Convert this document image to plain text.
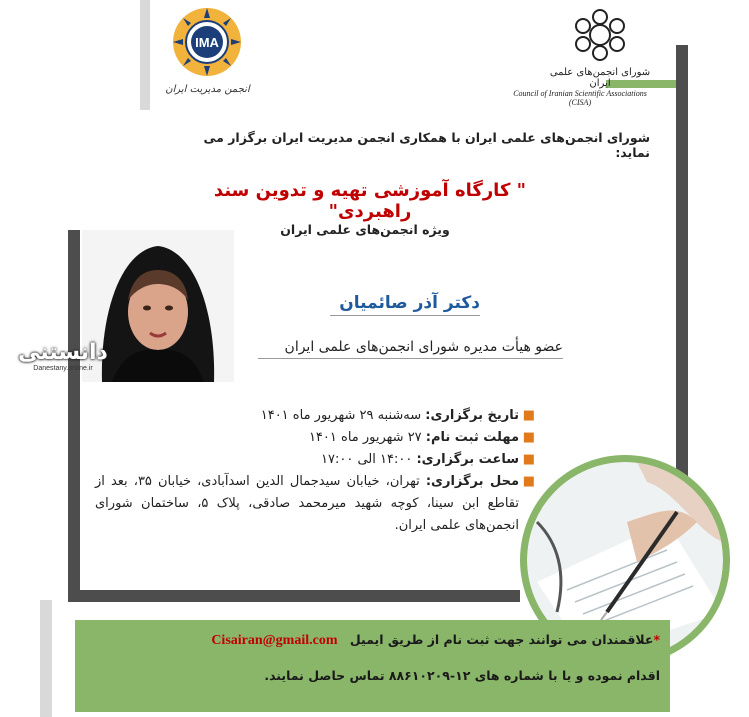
IMA
انجمن مدیریت ایران
شورای انجمن‌های علمی ایران
Council of Iranian Scientific Associations
(CISA)
شورای انجمن‌های علمی ایران با همکاری انجمن مدیریت ایران برگزار می نماید:
" کارگاه آموزشی تهیه و تدوین سند راهبردی"
ویژه انجمن‌های علمی ایران
دانستنی
Danestany.online.ir
دکتر آذر صائمیان
عضو هیأت مدیره شورای انجمن‌های علمی ایران
■
تاریخ برگزاری: سه‌شنبه ۲۹ شهریور ماه ۱۴۰۱
■
مهلت ثبت نام: ۲۷ شهریور ماه ۱۴۰۱
■
ساعت برگزاری: ۱۴:۰۰ الی ۱۷:۰۰
■
محل برگزاری: تهران، خیابان سیدجمال الدین اسدآبادی، خیابان ۳۵، بعد از تقاطع ابن سینا، کوچه شهید میرمحمد صادقی، پلاک ۵، ساختمان شورای انجمن‌های علمی ایران.
*علاقمندان می توانند جهت ثبت نام از طریق ایمیل Cisairan@gmail.com
اقدام نموده و یا با شماره های ۱۲-۸۸۶۱۰۲۰۹ تماس حاصل نمایند.
